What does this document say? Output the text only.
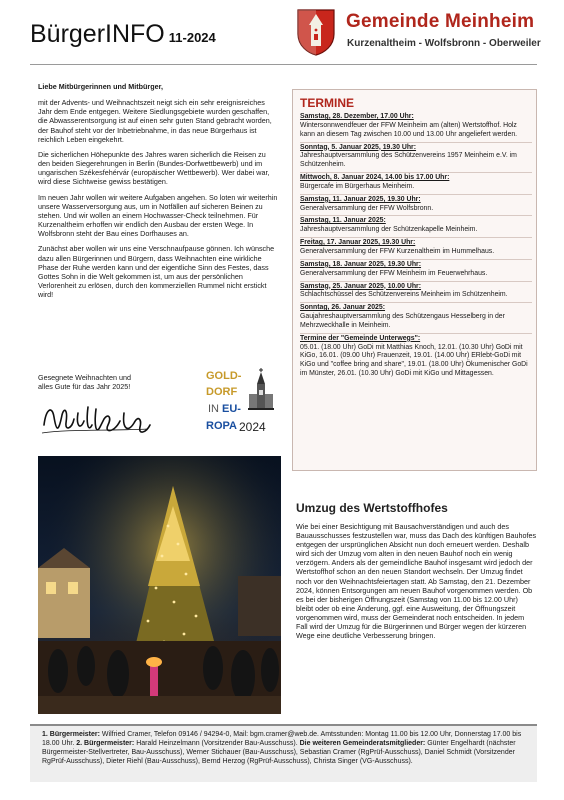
BürgerINFO 11-2024
Gemeinde Meinheim
Kurzenaltheim - Wolfsbronn - Oberweiler

Liebe Mitbürgerinnen und Mitbürger,

mit der Advents- und Weihnachtszeit neigt sich ein sehr ereignisreiches Jahr dem Ende entgegen. Weitere Siedlungsgebiete wurden geschaffen, die Abwasserentsorgung ist auf einen sehr guten Stand gebracht worden, der Bauhof steht vor der Inbetriebnahme, in das neue Bürgerhaus ist reichlich Leben eingekehrt.

Die sicherlichen Höhepunkte des Jahres waren sicherlich die Reisen zu den beiden Siegerehrungen in Berlin (Bundes-Dorfwettbewerb) und im ungarischen Székesfehérvár (europäischer Wettbewerb). Wer dabei war, wird diese Sichtweise gewiss bestätigen.

Im neuen Jahr wollen wir weitere Aufgaben angehen. So loten wir weiterhin unsere Wasserversorgung aus, um in Notfällen auf sicheren Beinen zu stehen. Und wir wollen an einem Hochwasser-Check teilnehmen. Für Kurzenaltheim erhoffen wir endlich den Ausbau der ersten Wege. In Wolfsbronn steht der Bau eines Dorfhauses an.

Zunächst aber wollen wir uns eine Verschnaufpause gönnen. Ich wünsche dazu allen Bürgerinnen und Bürgern, dass Weihnachten eine wirkliche Phase der Ruhe werden kann und der eigentliche Sinn des Festes, dass Gottes Sohn in die Welt gekommen ist, um aus der persönlichen Verlorenheit zu erlösen, durch den kommerziellen Rummel nicht erstickt wird!

Gesegnete Weihnachten und
alles Gute für das Jahr 2025!
GOLD-
DORF
IN EU-
ROPA 2024
TERMINE
Samstag, 28. Dezember, 17.00 Uhr:
Wintersonnwendfeuer der FFW Meinheim am (alten) Wertstoffhof. Holz kann an diesem Tag zwischen 10.00 und 13.00 Uhr angeliefert werden.
Sonntag, 5. Januar 2025, 19.30 Uhr:
Jahreshauptversammlung des Schützenvereins 1957 Meinheim e.V. im Schützenheim.
Mittwoch, 8. Januar 2024, 14.00 bis 17.00 Uhr:
Bürgercafe im Bürgerhaus Meinheim.
Samstag, 11. Januar 2025, 19.30 Uhr:
Generalversammlung der FFW Wolfsbronn.
Samstag, 11. Januar 2025:
Jahreshauptversammlung der Schützenkapelle Meinheim.
Freitag, 17. Januar 2025, 19.30 Uhr:
Generalversammlung der FFW Kurzenaltheim im Hummelhaus.
Samstag, 18. Januar 2025, 19.30 Uhr:
Generalversammlung der FFW Meinheim im Feuerwehrhaus.
Samstag, 25. Januar 2025, 10.00 Uhr:
Schlachtschüssel des Schützenvereins Meinheim im Schützenheim.
Sonntag, 26. Januar 2025:
Gaujahreshauptversammlung des Schützengaus Hesselberg in der Mehrzweckhalle in Meinheim.
Termine der "Gemeinde Unterwegs":
05.01. (18.00 Uhr) GoDi mit Matthias Knoch, 12.01. (10.30 Uhr) GoDi mit KiGo, 16.01. (09.00 Uhr) Frauenzeit, 19.01. (14.00 Uhr) ERlebt-GoDi mit KiGo und "coffee bring and share", 19.01. (18.00 Uhr) Ökumenischer GoDi im Münster, 26.01. (10.30 Uhr) GoDi mit KiGo und Mittagessen.
Umzug des Wertstoffhofes
Wie bei einer Besichtigung mit Bausachverständigen und auch des Bauausschusses festzustellen war, muss das Dach des künftigen Bauhofes entgegen der ursprünglichen Absicht nun doch erneuert werden. Deshalb wird sich der Umzug vom alten in den neuen Bauhof noch ein wenig verzögern. Anders als der gemeindliche Bauhof insgesamt wird jedoch der Wertstoffhof schon an den neuen Standort wechseln. Der Umzug findet noch vor den Weihnachtsfeiertagen statt. Ab Samstag, den 21. Dezember 2024, können Entsorgungen am neuen Bauhof vorgenommen werden. Ob es bei der bisherigen Öffnungszeit (Samstag von 11.00 bis 12.00 Uhr) bleibt oder ob eine Änderung, ggf. eine Ausweitung, der Öffnungszeit vorgenommen wird, muss der Gemeinderat noch entscheiden. In jedem Fall wird der Umzug für die Bürgerinnen und Bürger wegen der kürzeren Wege eine deutliche Verbesserung bringen.
1. Bürgermeister: Wilfried Cramer, Telefon 09146 / 94294-0, Mail: bgm.cramer@web.de. Amtsstunden: Montag 11.00 bis 12.00 Uhr, Donnerstag 17.00 bis 18.00 Uhr. 2. Bürgermeister: Harald Heinzelmann (Vorsitzender Bau-Ausschuss). Die weiteren Gemeinderatsmitglieder: Günter Engelhardt (nächster Bürgermeister-Stellvertreter, Bau-Ausschuss), Werner Stichauer (Bau-Ausschuss), Sebastian Cramer (RgPrüf-Ausschuss), Daniel Schmidt (Vorsitzender RgPrüf-Ausschuss), Dieter Riehl (Bau-Ausschuss), Bernd Herzog (RgPrüf-Ausschuss), Christa Singer (VG-Ausschuss).
